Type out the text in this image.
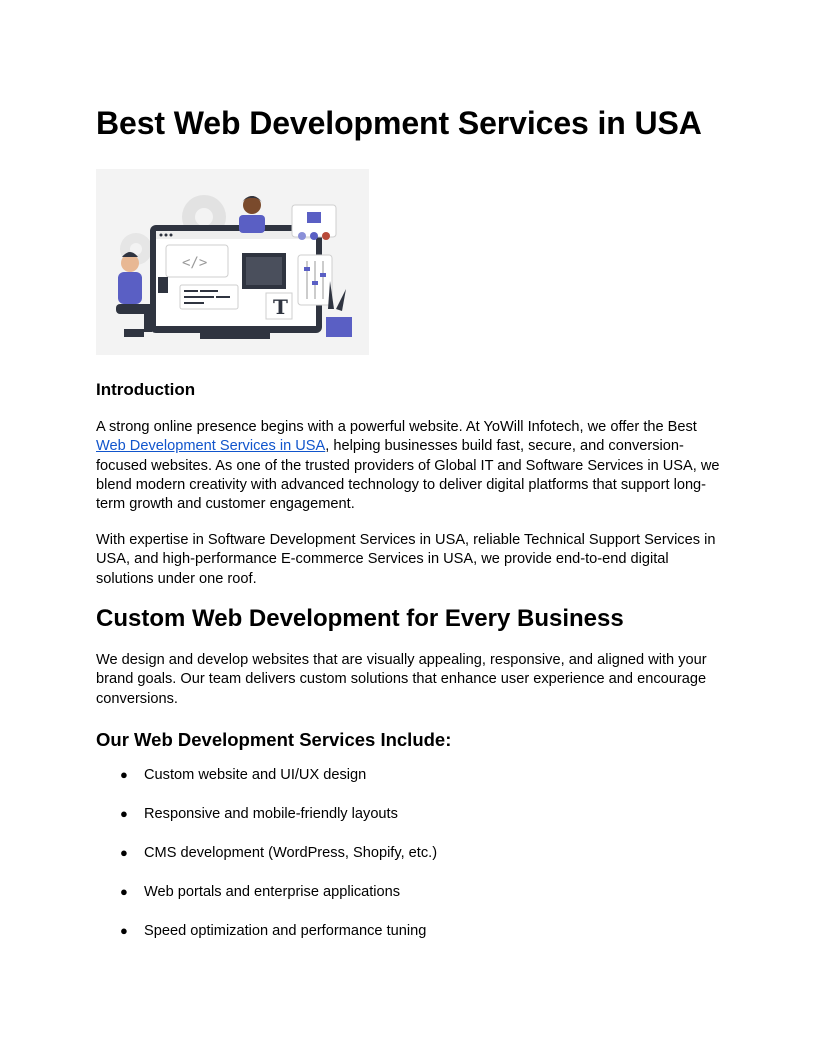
Best Web Development Services in USA
</>
T
Introduction

A strong online presence begins with a powerful website. At YoWill Infotech, we offer the Best Web Development Services in USA, helping businesses build fast, secure, and conversion-focused websites. As one of the trusted providers of Global IT and Software Services in USA, we blend modern creativity with advanced technology to deliver digital platforms that support long-term growth and customer engagement.

With expertise in Software Development Services in USA, reliable Technical Support Services in USA, and high-performance E-commerce Services in USA, we provide end-to-end digital solutions under one roof.

Custom Web Development for Every Business

We design and develop websites that are visually appealing, responsive, and aligned with your brand goals. Our team delivers custom solutions that enhance user experience and encourage conversions.

Our Web Development Services Include:
● Custom website and UI/UX design
● Responsive and mobile-friendly layouts
● CMS development (WordPress, Shopify, etc.)
● Web portals and enterprise applications
● Speed optimization and performance tuning
